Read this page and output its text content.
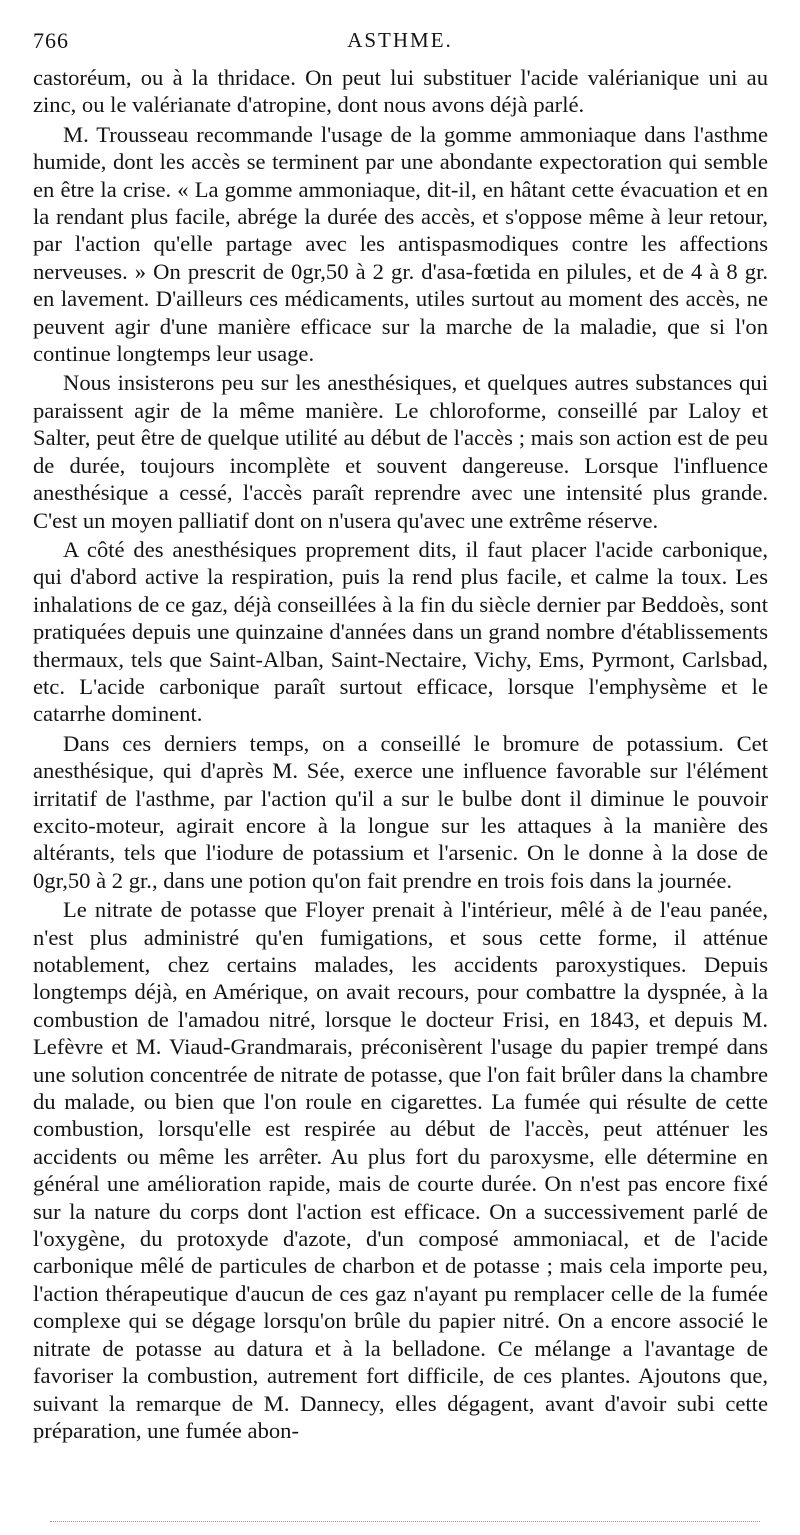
766	ASTHME.

castoréum, ou à la thridace. On peut lui substituer l'acide valérianique uni au zinc, ou le valérianate d'atropine, dont nous avons déjà parlé.

M. Trousseau recommande l'usage de la gomme ammoniaque dans l'asthme humide, dont les accès se terminent par une abondante expectoration qui semble en être la crise. « La gomme ammoniaque, dit-il, en hâtant cette évacuation et en la rendant plus facile, abrége la durée des accès, et s'oppose même à leur retour, par l'action qu'elle partage avec les antispasmodiques contre les affections nerveuses. » On prescrit de 0gr,50 à 2 gr. d'asa-fœtida en pilules, et de 4 à 8 gr. en lavement. D'ailleurs ces médicaments, utiles surtout au moment des accès, ne peuvent agir d'une manière efficace sur la marche de la maladie, que si l'on continue longtemps leur usage.

Nous insisterons peu sur les anesthésiques, et quelques autres substances qui paraissent agir de la même manière. Le chloroforme, conseillé par Laloy et Salter, peut être de quelque utilité au début de l'accès ; mais son action est de peu de durée, toujours incomplète et souvent dangereuse. Lorsque l'influence anesthésique a cessé, l'accès paraît reprendre avec une intensité plus grande. C'est un moyen palliatif dont on n'usera qu'avec une extrême réserve.

A côté des anesthésiques proprement dits, il faut placer l'acide carbonique, qui d'abord active la respiration, puis la rend plus facile, et calme la toux. Les inhalations de ce gaz, déjà conseillées à la fin du siècle dernier par Beddoès, sont pratiquées depuis une quinzaine d'années dans un grand nombre d'établissements thermaux, tels que Saint-Alban, Saint-Nectaire, Vichy, Ems, Pyrmont, Carlsbad, etc. L'acide carbonique paraît surtout efficace, lorsque l'emphysème et le catarrhe dominent.

Dans ces derniers temps, on a conseillé le bromure de potassium. Cet anesthésique, qui d'après M. Sée, exerce une influence favorable sur l'élément irritatif de l'asthme, par l'action qu'il a sur le bulbe dont il diminue le pouvoir excito-moteur, agirait encore à la longue sur les attaques à la manière des altérants, tels que l'iodure de potassium et l'arsenic. On le donne à la dose de 0gr,50 à 2 gr., dans une potion qu'on fait prendre en trois fois dans la journée.

Le nitrate de potasse que Floyer prenait à l'intérieur, mêlé à de l'eau panée, n'est plus administré qu'en fumigations, et sous cette forme, il atténue notablement, chez certains malades, les accidents paroxystiques. Depuis longtemps déjà, en Amérique, on avait recours, pour combattre la dyspnée, à la combustion de l'amadou nitré, lorsque le docteur Frisi, en 1843, et depuis M. Lefèvre et M. Viaud-Grandmarais, préconisèrent l'usage du papier trempé dans une solution concentrée de nitrate de potasse, que l'on fait brûler dans la chambre du malade, ou bien que l'on roule en cigarettes. La fumée qui résulte de cette combustion, lorsqu'elle est respirée au début de l'accès, peut atténuer les accidents ou même les arrêter. Au plus fort du paroxysme, elle détermine en général une amélioration rapide, mais de courte durée. On n'est pas encore fixé sur la nature du corps dont l'action est efficace. On a successivement parlé de l'oxygène, du protoxyde d'azote, d'un composé ammoniacal, et de l'acide carbonique mêlé de particules de charbon et de potasse ; mais cela importe peu, l'action thérapeutique d'aucun de ces gaz n'ayant pu remplacer celle de la fumée complexe qui se dégage lorsqu'on brûle du papier nitré. On a encore associé le nitrate de potasse au datura et à la belladone. Ce mélange a l'avantage de favoriser la combustion, autrement fort difficile, de ces plantes. Ajoutons que, suivant la remarque de M. Dannecy, elles dégagent, avant d'avoir subi cette préparation, une fumée abon-
